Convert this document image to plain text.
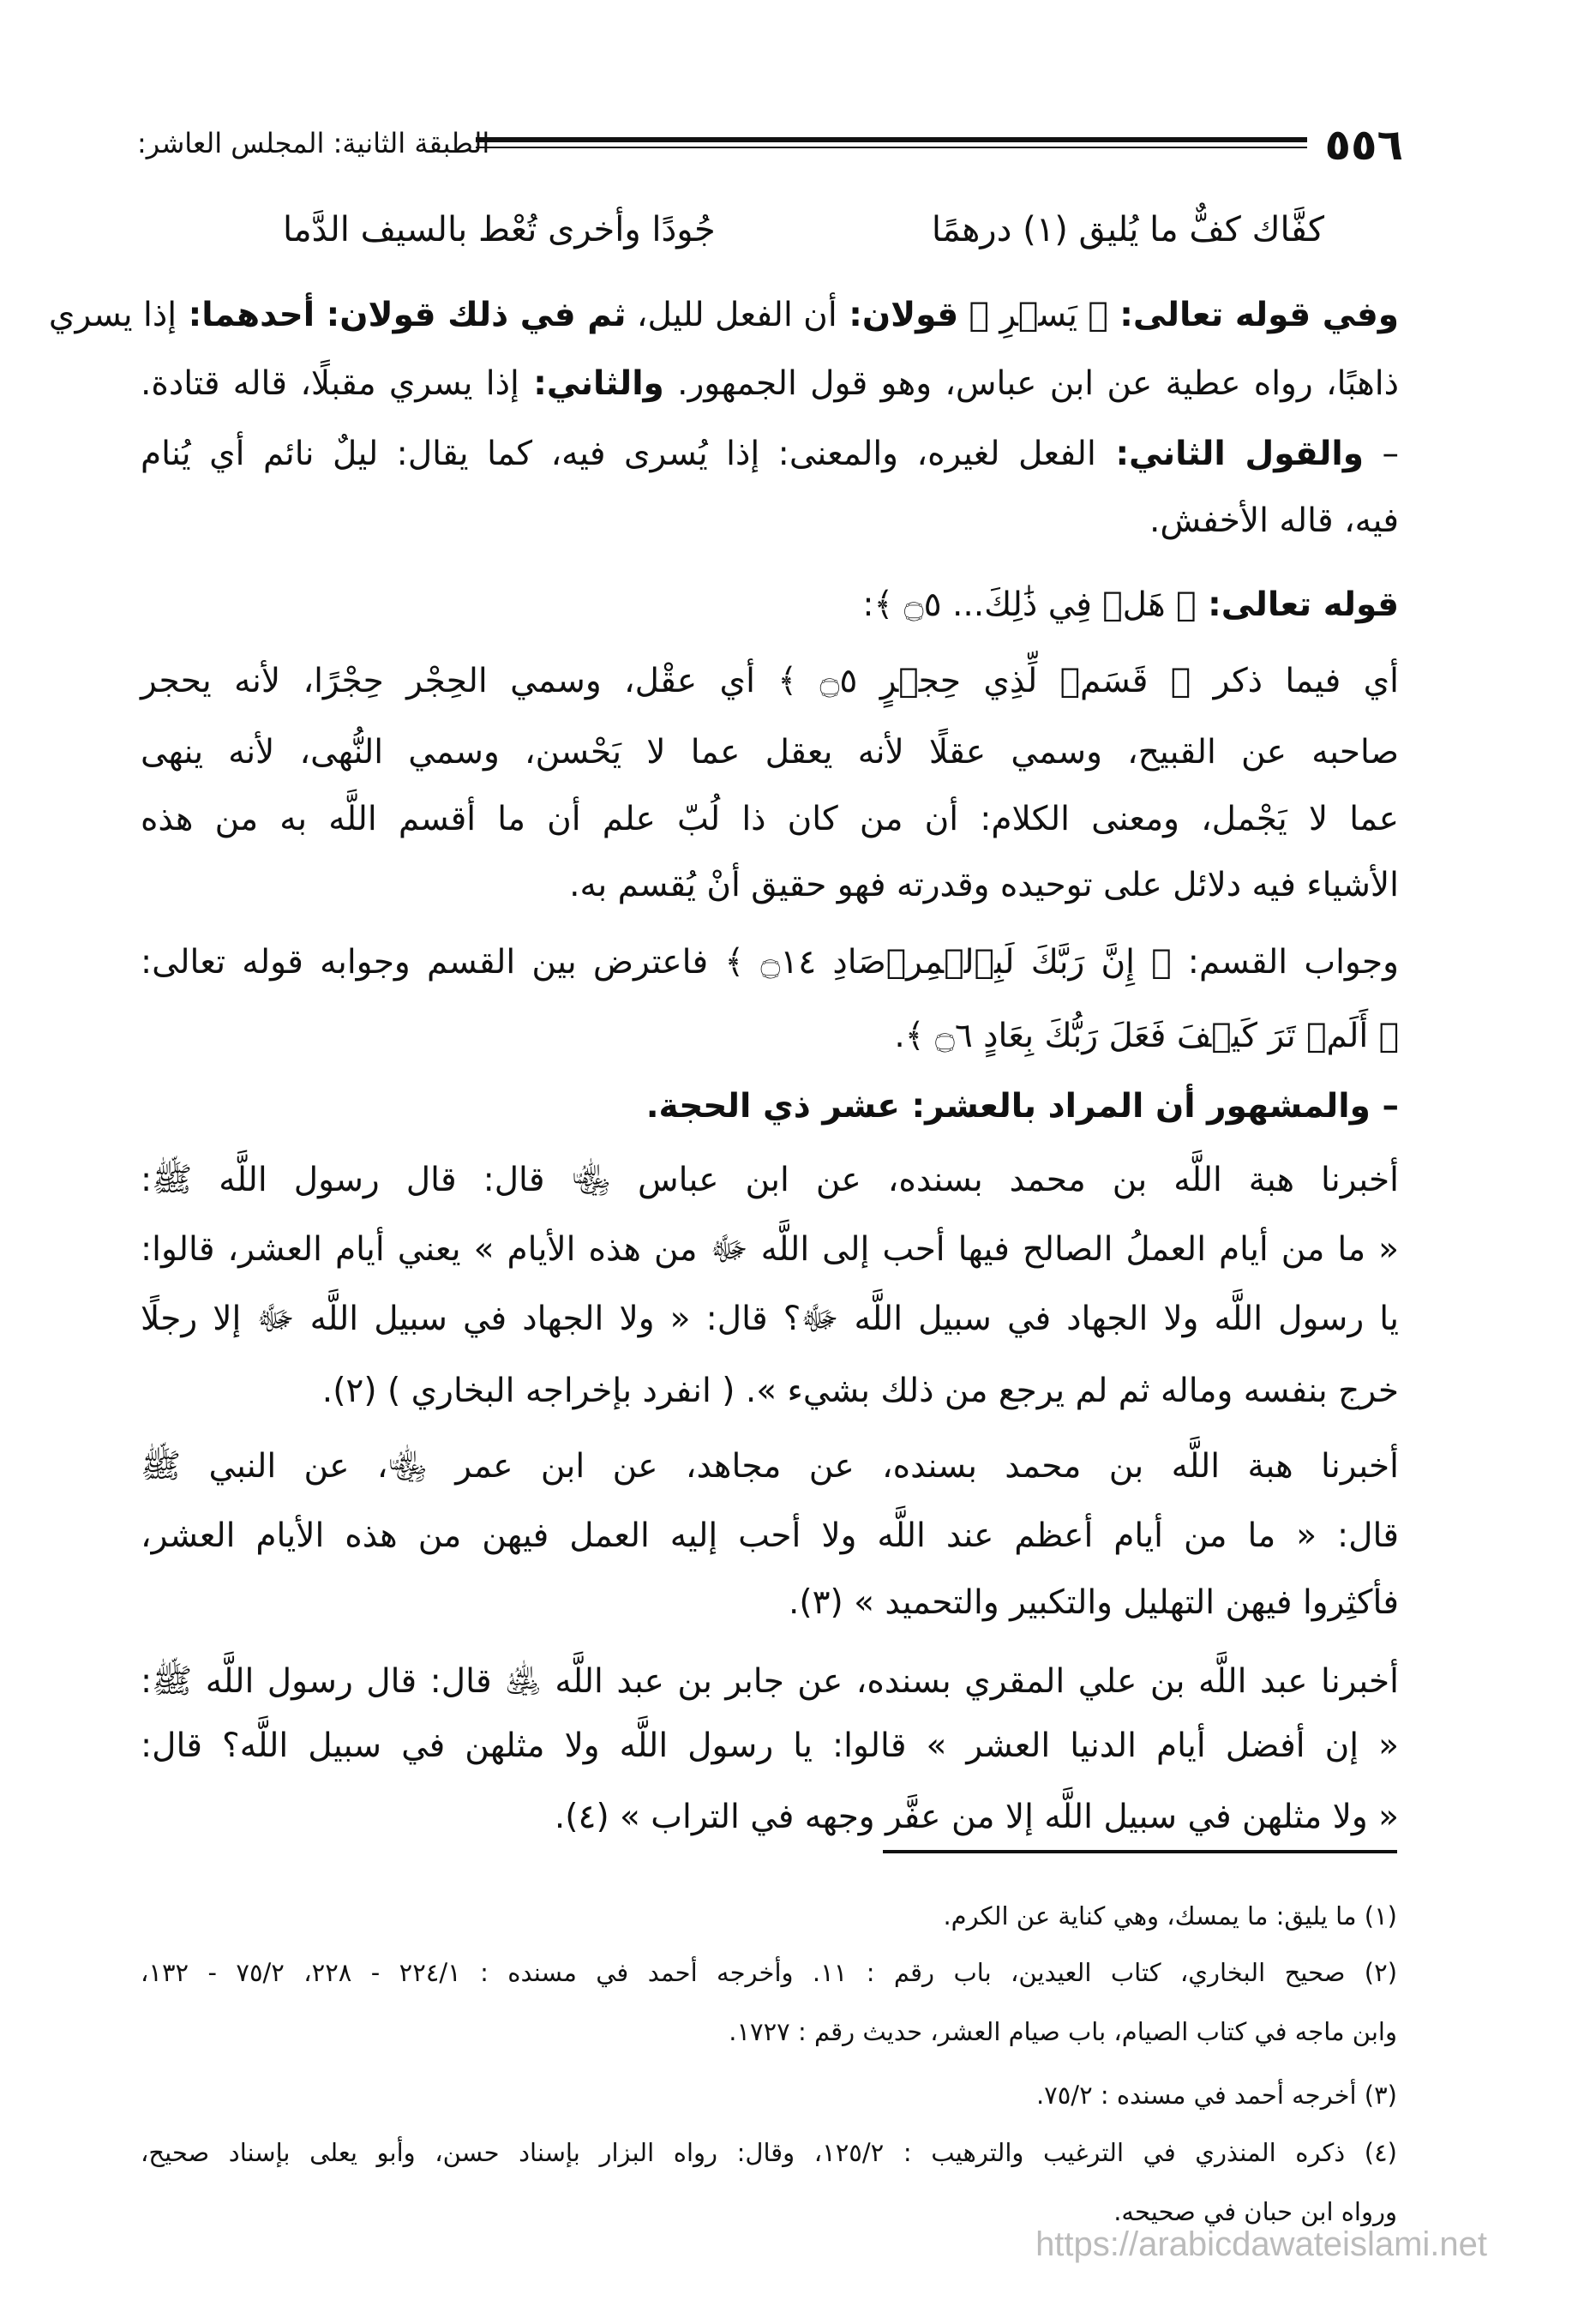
٥٥٦
الطبقة الثانية: المجلس العاشر:
كفَّاك كفٌّ ما يُليق (١) درهمًا
جُودًا وأخرى تُعْط بالسيف الدَّما
وفي قوله تعالى: ﴿ يَسۡرِ ﴾ قولان: أن الفعل لليل، ثم في ذلك قولان: أحدهما: إذا يسري
ذاهبًا، رواه عطية عن ابن عباس، وهو قول الجمهور. والثاني: إذا يسري مقبلًا، قاله قتادة.
– والقول الثاني: الفعل لغيره، والمعنى: إذا يُسرى فيه، كما يقال: ليلٌ نائم أي يُنام
فيه، قاله الأخفش.
قوله تعالى: ﴿ هَلۡ فِي ذَٰلِكَ... ۝٥ ﴾:
أي فيما ذكر ﴿ قَسَمٞ لِّذِي حِجۡرٍ ۝٥ ﴾ أي عقْل، وسمي الحِجْر حِجْرًا، لأنه يحجر
صاحبه عن القبيح، وسمي عقلًا لأنه يعقل عما لا يَحْسن، وسمي النُّهى، لأنه ينهى
عما لا يَجْمل، ومعنى الكلام: أن من كان ذا لُبّ علم أن ما أقسم اللَّه به من هذه
الأشياء فيه دلائل على توحيده وقدرته فهو حقيق أنْ يُقسم به.
وجواب القسم: ﴿ إِنَّ رَبَّكَ لَبِٱلۡمِرۡصَادِ ۝١٤ ﴾ فاعترض بين القسم وجوابه قوله تعالى:
﴿ أَلَمۡ تَرَ كَيۡفَ فَعَلَ رَبُّكَ بِعَادٍ ۝٦ ﴾.
– والمشهور أن المراد بالعشر: عشر ذي الحجة.
أخبرنا هبة اللَّه بن محمد بسنده، عن ابن عباس ﵄ قال: قال رسول اللَّه ﷺ:
« ما من أيام العملُ الصالح فيها أحب إلى اللَّه ﷻ من هذه الأيام » يعني أيام العشر، قالوا:
يا رسول اللَّه ولا الجهاد في سبيل اللَّه ﷻ؟ قال: « ولا الجهاد في سبيل اللَّه ﷻ إلا رجلًا
خرج بنفسه وماله ثم لم يرجع من ذلك بشيء ». ( انفرد بإخراجه البخاري ) (٢).
أخبرنا هبة اللَّه بن محمد بسنده، عن مجاهد، عن ابن عمر ﵄، عن النبي ﷺ
قال: « ما من أيام أعظم عند اللَّه ولا أحب إليه العمل فيهن من هذه الأيام العشر،
فأكثِروا فيهن التهليل والتكبير والتحميد » (٣).
أخبرنا عبد اللَّه بن علي المقري بسنده، عن جابر بن عبد اللَّه ﵁ قال: قال رسول اللَّه ﷺ:
« إن أفضل أيام الدنيا العشر » قالوا: يا رسول اللَّه ولا مثلهن في سبيل اللَّه؟ قال:
« ولا مثلهن في سبيل اللَّه إلا من عفَّر وجهه في التراب » (٤).
(١) ما يليق: ما يمسك، وهي كناية عن الكرم.
(٢) صحيح البخاري، كتاب العيدين، باب رقم : ١١. وأخرجه أحمد في مسنده : ٢٢٤/١ - ٢٢٨، ٧٥/٢ - ١٣٢،
وابن ماجه في كتاب الصيام، باب صيام العشر، حديث رقم : ١٧٢٧.
(٣) أخرجه أحمد في مسنده : ٧٥/٢.
(٤) ذكره المنذري في الترغيب والترهيب : ١٢٥/٢، وقال: رواه البزار بإسناد حسن، وأبو يعلى بإسناد صحيح،
ورواه ابن حبان في صحيحه.
https://arabicdawateislami.net
